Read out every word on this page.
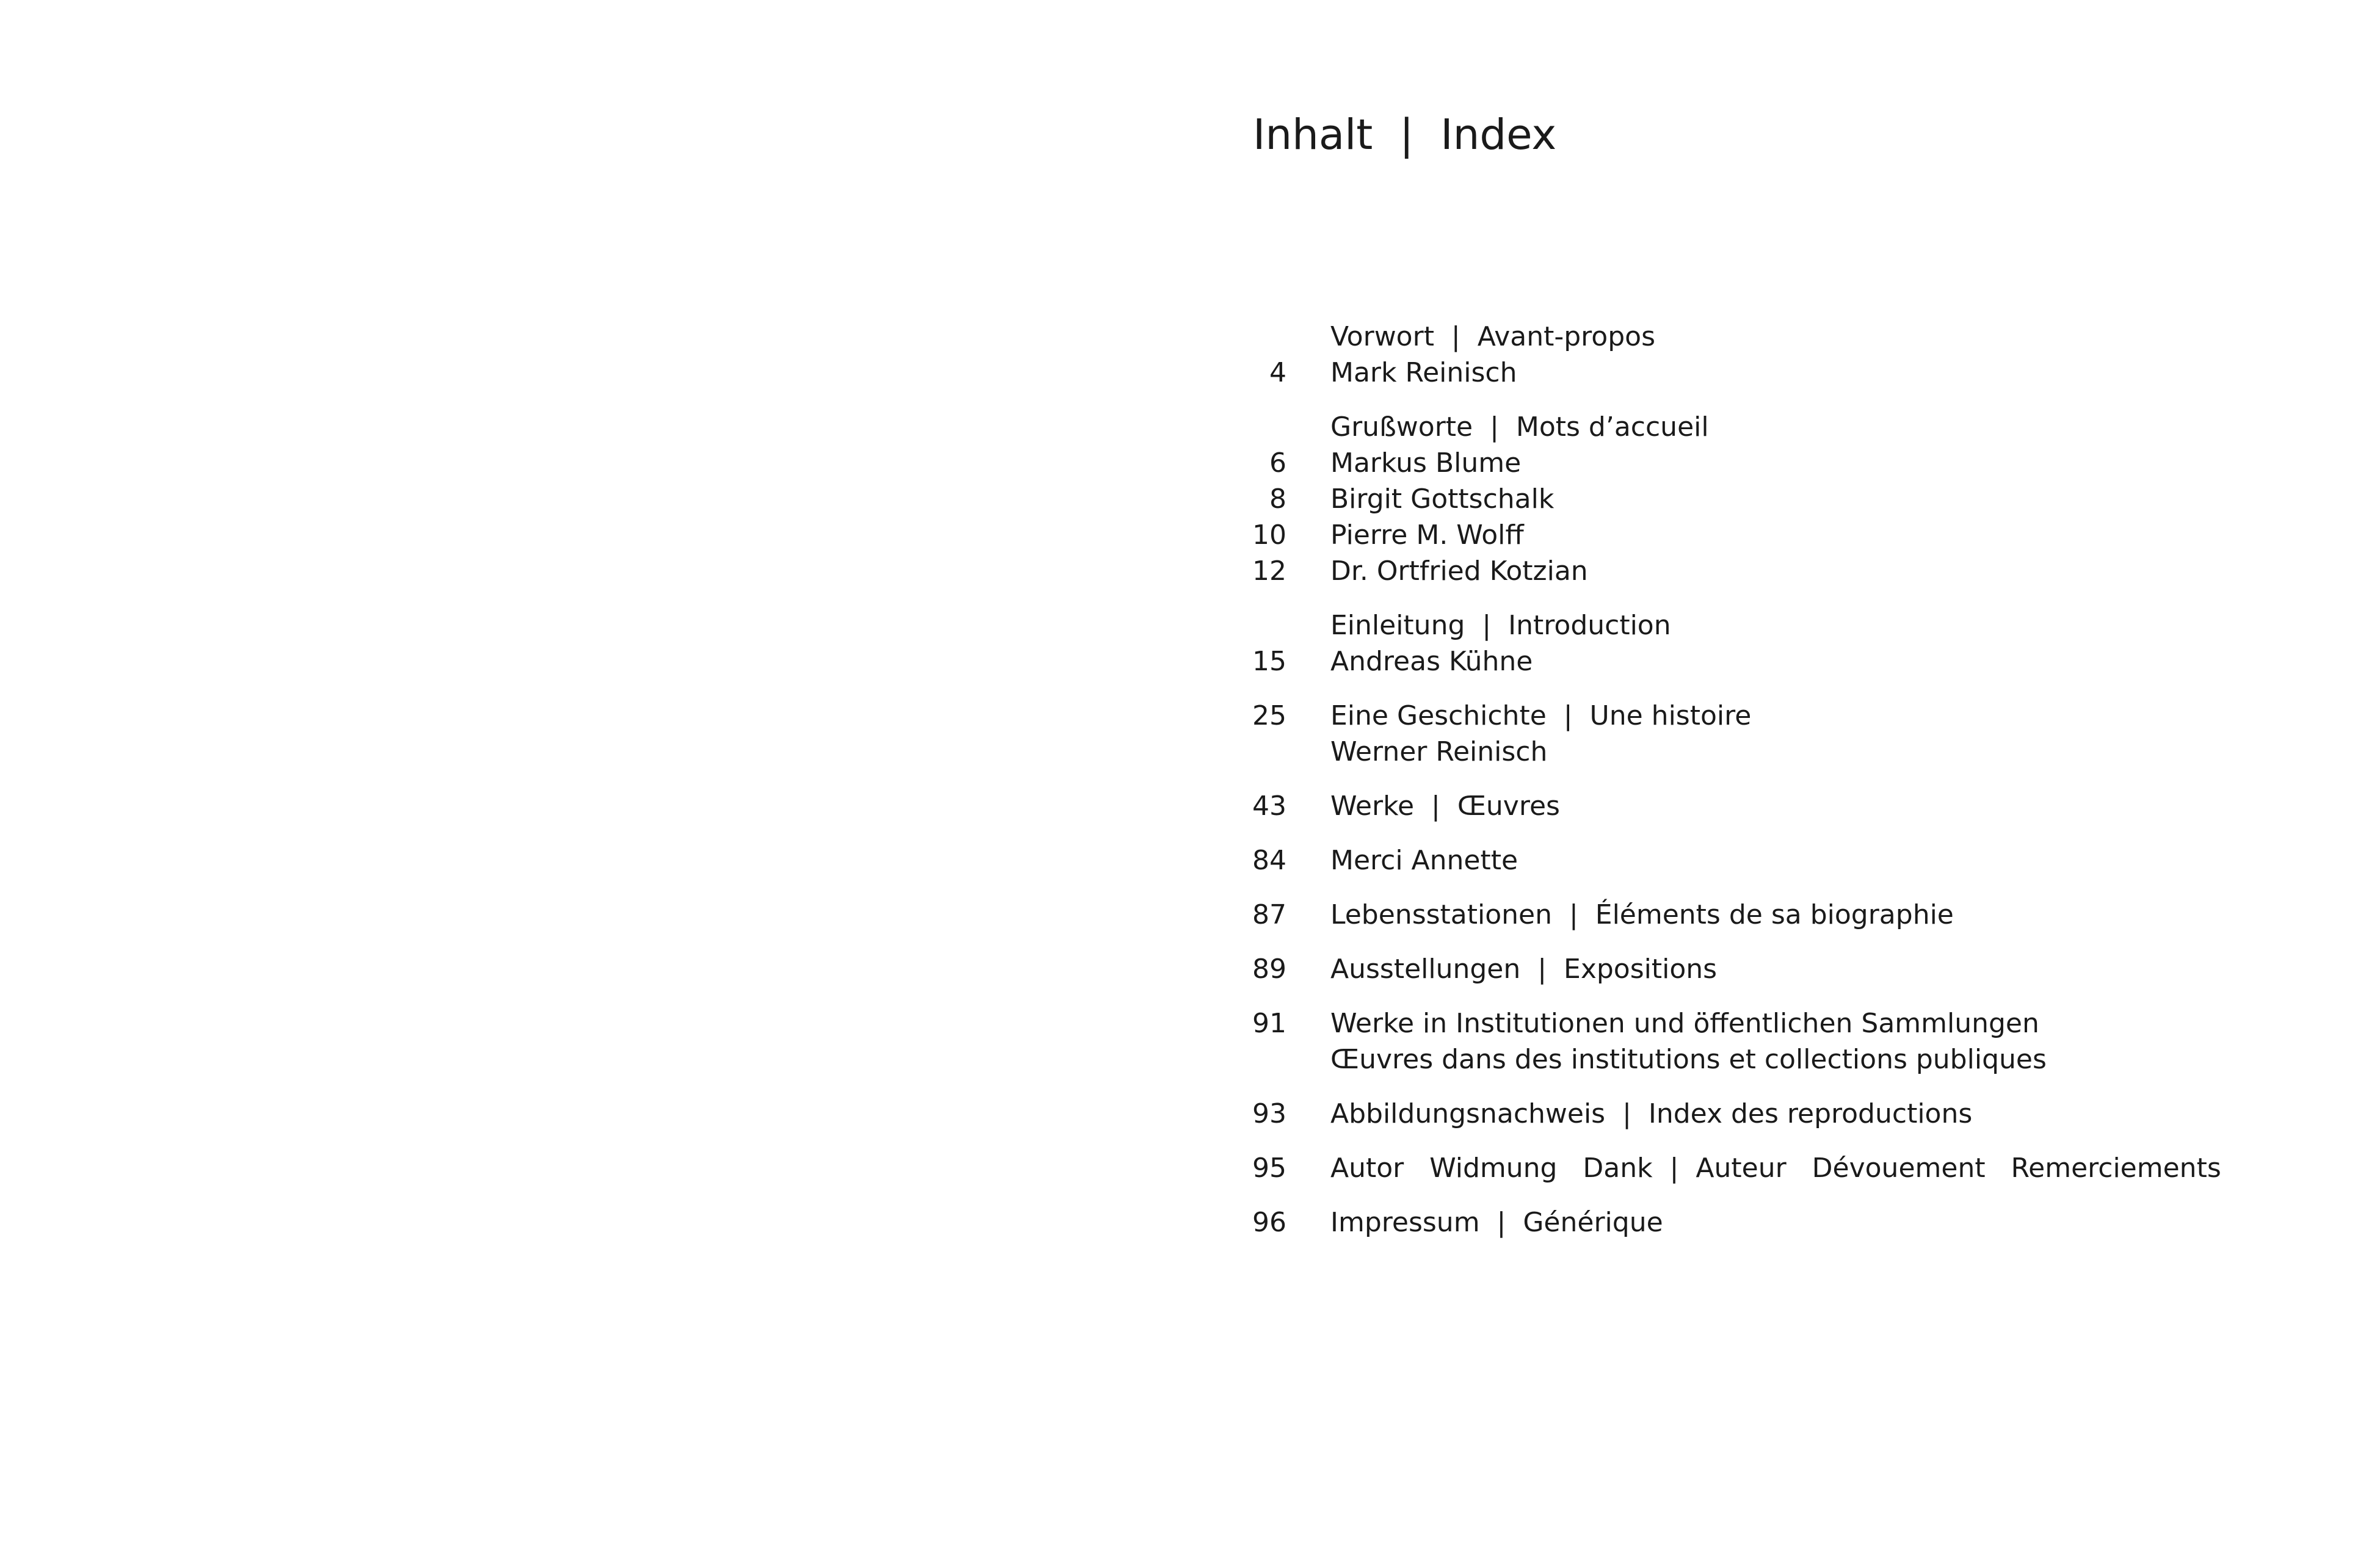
Inhalt  |  Index
Vorwort  |  Avant-propos
4 Mark Reinisch
Grußworte  |  Mots d’accueil
6 Markus Blume
8 Birgit Gottschalk
10 Pierre M. Wolff
12 Dr. Ortfried Kotzian
Einleitung  |  Introduction
15 Andreas Kühne
25 Eine Geschichte  |  Une histoire
Werner Reinisch
43 Werke  |  Œuvres
84 Merci Annette
87 Lebensstationen  |  Éléments de sa biographie
89 Ausstellungen  |  Expositions
91 Werke in Institutionen und öffentlichen Sammlungen
Œuvres dans des institutions et collections publiques
93 Abbildungsnachweis  |  Index des reproductions
95 Autor   Widmung   Dank  |  Auteur   Dévouement   Remerciements
96 Impressum  |  Générique
